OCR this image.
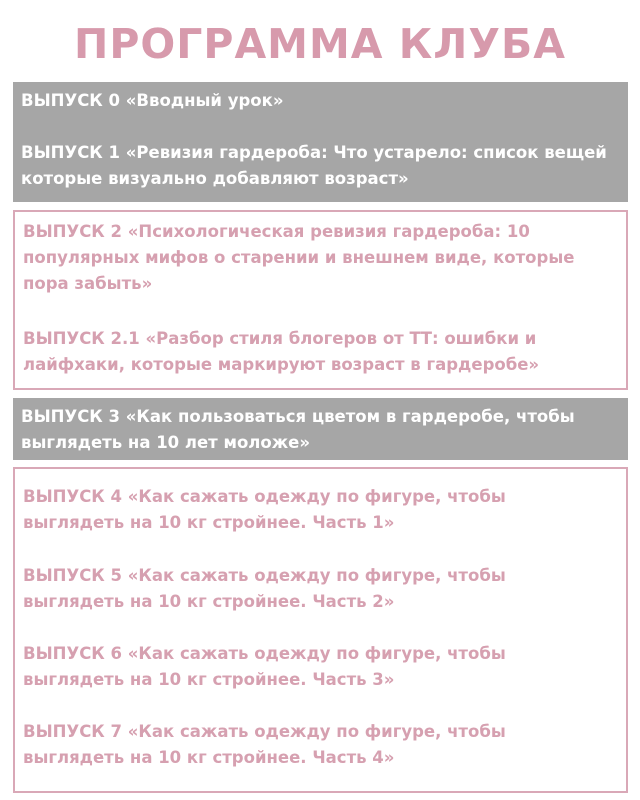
ПРОГРАММА КЛУБА
ВЫПУСК 0 «Вводный урок»
ВЫПУСК 1 «Ревизия гардероба: Что устарело: список вещей
которые визуально добавляют возраст»
ВЫПУСК 2 «Психологическая ревизия гардероба: 10
популярных мифов о старении и внешнем виде, которые
пора забыть»
ВЫПУСК 2.1 «Разбор стиля блогеров от ТТ: ошибки и
лайфхаки, которые маркируют возраст в гардеробе»
ВЫПУСК 3 «Как пользоваться цветом в гардеробе, чтобы
выглядеть на 10 лет моложе»
ВЫПУСК 4 «Как сажать одежду по фигуре, чтобы
выглядеть на 10 кг стройнее. Часть 1»
ВЫПУСК 5 «Как сажать одежду по фигуре, чтобы
выглядеть на 10 кг стройнее. Часть 2»
ВЫПУСК 6 «Как сажать одежду по фигуре, чтобы
выглядеть на 10 кг стройнее. Часть 3»
ВЫПУСК 7 «Как сажать одежду по фигуре, чтобы
выглядеть на 10 кг стройнее. Часть 4»
